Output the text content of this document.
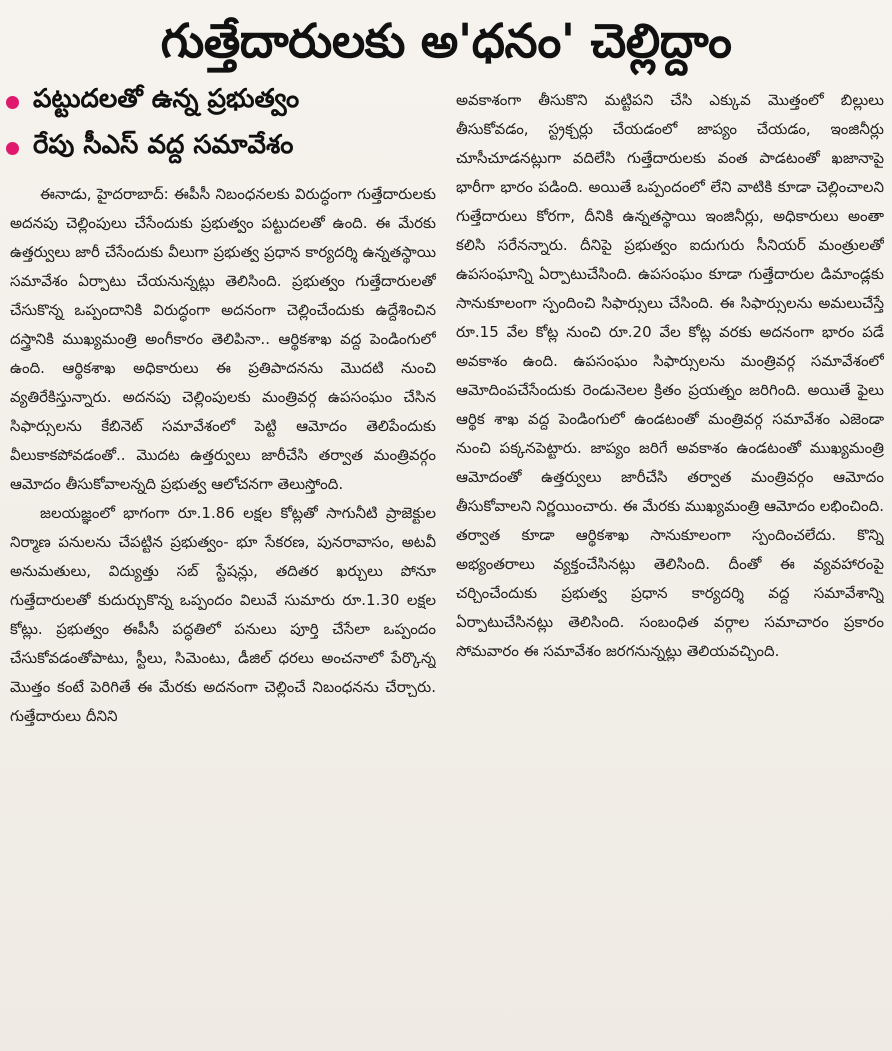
గుత్తేదారులకు అ'ధనం' చెల్లిద్దాం
పట్టుదలతో ఉన్న ప్రభుత్వం
రేపు సీఎస్ వద్ద సమావేశం

ఈనాడు, హైదరాబాద్: ఈపీసీ నిబంధనలకు విరుద్ధంగా గుత్తేదారులకు అదనపు చెల్లింపులు చేసేందుకు ప్రభుత్వం పట్టుదలతో ఉంది. ఈ మేరకు ఉత్తర్వులు జారీ చేసేందుకు వీలుగా ప్రభుత్వ ప్రధాన కార్యదర్శి ఉన్నతస్థాయి సమావేశం ఏర్పాటు చేయనున్నట్లు తెలిసింది. ప్రభుత్వం గుత్తేదారులతో చేసుకొన్న ఒప్పందానికి విరుద్ధంగా అదనంగా చెల్లించేందుకు ఉద్దేశించిన దస్త్రానికి ముఖ్యమంత్రి అంగీకారం తెలిపినా.. ఆర్థికశాఖ వద్ద పెండింగులో ఉంది. ఆర్థికశాఖ అధికారులు ఈ ప్రతిపాదనను మొదటి నుంచి వ్యతిరేకిస్తున్నారు. అదనపు చెల్లింపులకు మంత్రివర్గ ఉపసంఘం చేసిన సిఫార్సులను కేబినెట్ సమావేశంలో పెట్టి ఆమోదం తెలిపేందుకు వీలుకాకపోవడంతో.. మొదట ఉత్తర్వులు జారీచేసి తర్వాత మంత్రివర్గం ఆమోదం తీసుకోవాలన్నది ప్రభుత్వ ఆలోచనగా తెలుస్తోంది.

జలయజ్ఞంలో భాగంగా రూ.1.86 లక్షల కోట్లతో సాగునీటి ప్రాజెక్టుల నిర్మాణ పనులను చేపట్టిన ప్రభుత్వం- భూ సేకరణ, పునరావాసం, అటవీ అనుమతులు, విద్యుత్తు సబ్ స్టేషన్లు, తదితర ఖర్చులు పోనూ గుత్తేదారులతో కుదుర్చుకొన్న ఒప్పందం విలువే సుమారు రూ.1.30 లక్షల కోట్లు. ప్రభుత్వం ఈపీసీ పద్ధతిలో పనులు పూర్తి చేసేలా ఒప్పందం చేసుకోవడంతోపాటు, స్టీలు, సిమెంటు, డీజిల్ ధరలు అంచనాలో పేర్కొన్న మొత్తం కంటే పెరిగితే ఈ మేరకు అదనంగా చెల్లించే నిబంధనను చేర్చారు. గుత్తేదారులు దీనిని

అవకాశంగా తీసుకొని మట్టిపని చేసి ఎక్కువ మొత్తంలో బిల్లులు తీసుకోవడం, స్ట్రక్చర్లు చేయడంలో జాప్యం చేయడం, ఇంజినీర్లు చూసీచూడనట్లుగా వదిలేసి గుత్తేదారులకు వంత పాడటంతో ఖజానాపై భారీగా భారం పడింది. అయితే ఒప్పందంలో లేని వాటికి కూడా చెల్లించాలని గుత్తేదారులు కోరగా, దీనికి ఉన్నతస్థాయి ఇంజినీర్లు, అధికారులు అంతా కలిసి సరేనన్నారు. దీనిపై ప్రభుత్వం ఐదుగురు సీనియర్ మంత్రులతో ఉపసంఘాన్ని ఏర్పాటుచేసింది. ఉపసంఘం కూడా గుత్తేదారుల డిమాండ్లకు సానుకూలంగా స్పందించి సిఫార్సులు చేసింది. ఈ సిఫార్సులను అమలుచేస్తే రూ.15 వేల కోట్ల నుంచి రూ.20 వేల కోట్ల వరకు అదనంగా భారం పడే అవకాశం ఉంది. ఉపసంఘం సిఫార్సులను మంత్రివర్గ సమావేశంలో ఆమోదింపచేసేందుకు రెండునెలల క్రితం ప్రయత్నం జరిగింది. అయితే ఫైలు ఆర్థిక శాఖ వద్ద పెండింగులో ఉండటంతో మంత్రివర్గ సమావేశం ఎజెండా నుంచి పక్కనపెట్టారు. జాప్యం జరిగే అవకాశం ఉండటంతో ముఖ్యమంత్రి ఆమోదంతో ఉత్తర్వులు జారీచేసి తర్వాత మంత్రివర్గం ఆమోదం తీసుకోవాలని నిర్ణయించారు. ఈ మేరకు ముఖ్యమంత్రి ఆమోదం లభించింది. తర్వాత కూడా ఆర్థికశాఖ సానుకూలంగా స్పందించలేదు. కొన్ని అభ్యంతరాలు వ్యక్తంచేసినట్లు తెలిసింది. దీంతో ఈ వ్యవహారంపై చర్చించేందుకు ప్రభుత్వ ప్రధాన కార్యదర్శి వద్ద సమావేశాన్ని ఏర్పాటుచేసినట్లు తెలిసింది. సంబంధిత వర్గాల సమాచారం ప్రకారం సోమవారం ఈ సమావేశం జరగనున్నట్లు తెలియవచ్చింది.
